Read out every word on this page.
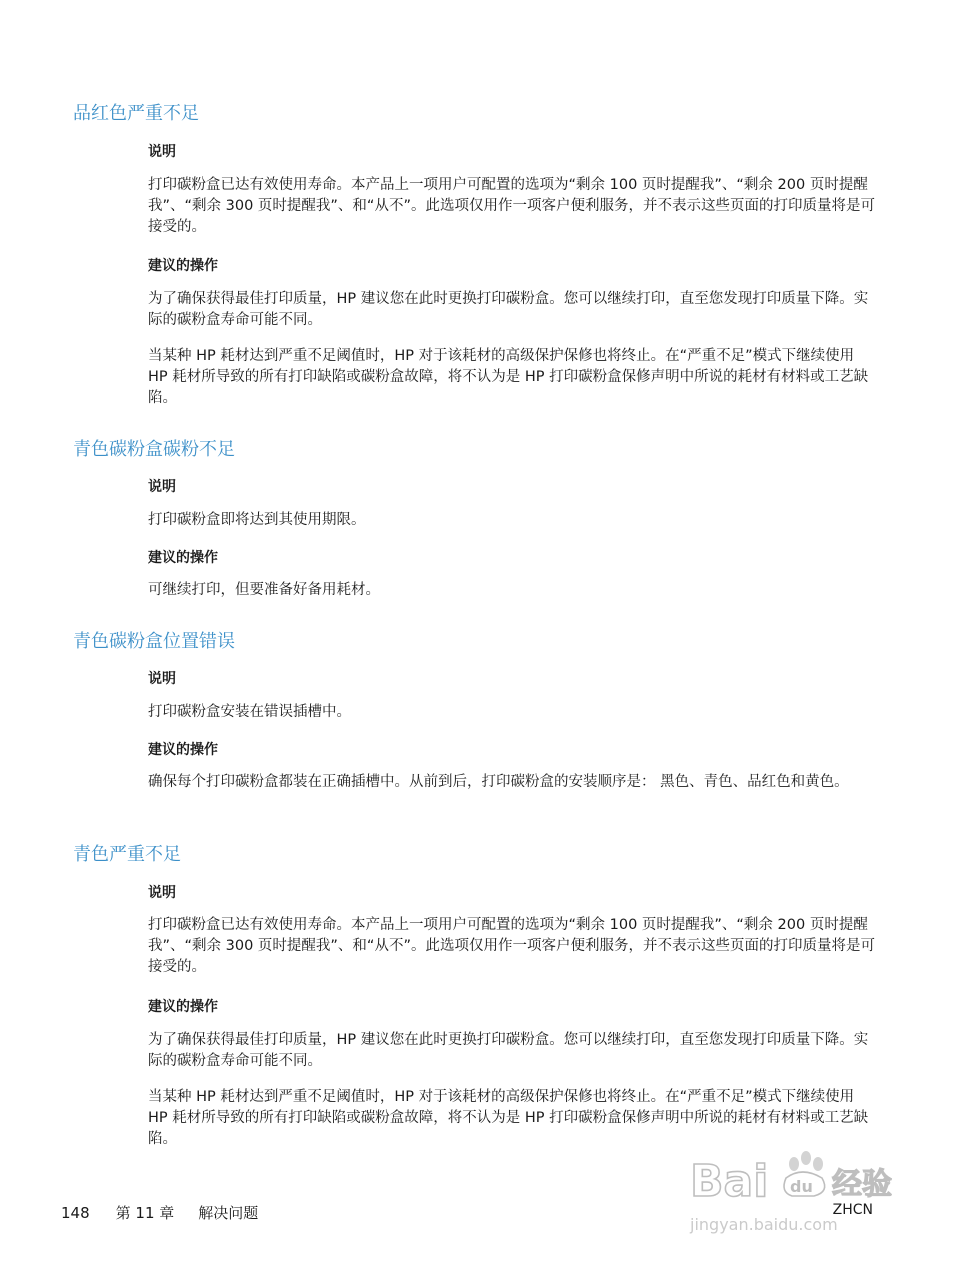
品红色严重不足
说明

打印碳粉盒已达有效使用寿命。本产品上一项用户可配置的选项为“剩余 100 页时提醒我”、“剩余 200 页时提醒我”、“剩余 300 页时提醒我”、和“从不”。此选项仅用作一项客户便利服务，并不表示这些页面的打印质量将是可接受的。

建议的操作

为了确保获得最佳打印质量，HP 建议您在此时更换打印碳粉盒。您可以继续打印，直至您发现打印质量下降。实际的碳粉盒寿命可能不同。

当某种 HP 耗材达到严重不足阈值时，HP 对于该耗材的高级保护保修也将终止。在“严重不足”模式下继续使用 HP 耗材所导致的所有打印缺陷或碳粉盒故障，将不认为是 HP 打印碳粉盒保修声明中所说的耗材有材料或工艺缺陷。

青色碳粉盒碳粉不足
说明

打印碳粉盒即将达到其使用期限。

建议的操作

可继续打印，但要准备好备用耗材。

青色碳粉盒位置错误
说明

打印碳粉盒安装在错误插槽中。

建议的操作

确保每个打印碳粉盒都装在正确插槽中。从前到后，打印碳粉盒的安装顺序是： 黑色、青色、品红色和黄色。

青色严重不足
说明

打印碳粉盒已达有效使用寿命。本产品上一项用户可配置的选项为“剩余 100 页时提醒我”、“剩余 200 页时提醒我”、“剩余 300 页时提醒我”、和“从不”。此选项仅用作一项客户便利服务，并不表示这些页面的打印质量将是可接受的。

建议的操作

为了确保获得最佳打印质量，HP 建议您在此时更换打印碳粉盒。您可以继续打印，直至您发现打印质量下降。实际的碳粉盒寿命可能不同。

当某种 HP 耗材达到严重不足阈值时，HP 对于该耗材的高级保护保修也将终止。在“严重不足”模式下继续使用 HP 耗材所导致的所有打印缺陷或碳粉盒故障，将不认为是 HP 打印碳粉盒保修声明中所说的耗材有材料或工艺缺陷。

148 第 11 章 解决问题	ZHCN
Bai du 经验
jingyan.baidu.com
